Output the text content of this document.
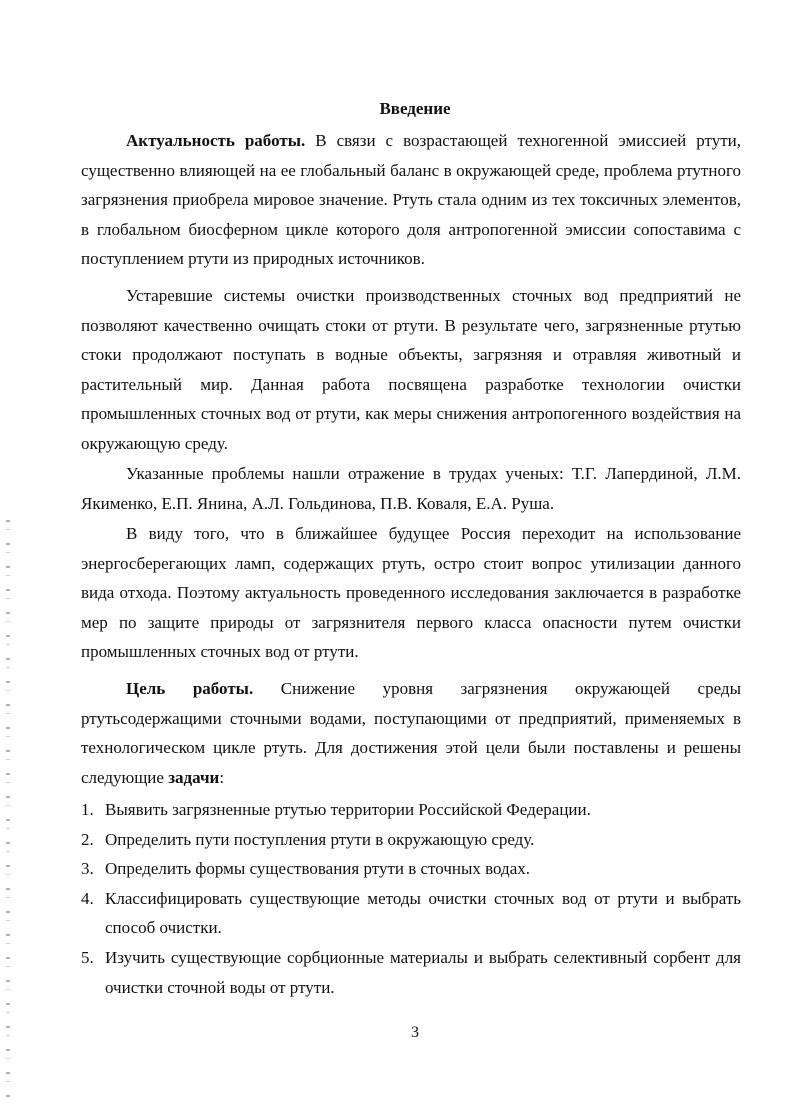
Введение

Актуальность работы. В связи с возрастающей техногенной эмиссией ртути, существенно влияющей на ее глобальный баланс в окружающей среде, проблема ртутного загрязнения приобрела мировое значение. Ртуть стала одним из тех токсичных элементов, в глобальном биосферном цикле которого доля антропогенной эмиссии сопоставима с поступлением ртути из природных источников.

Устаревшие системы очистки производственных сточных вод предприятий не позволяют качественно очищать стоки от ртути. В результате чего, загрязненные ртутью стоки продолжают поступать в водные объекты, загрязняя и отравляя животный и растительный мир. Данная работа посвящена разработке технологии очистки промышленных сточных вод от ртути, как меры снижения антропогенного воздействия на окружающую среду.

Указанные проблемы нашли отражение в трудах ученых: Т.Г. Лапердиной, Л.М. Якименко, Е.П. Янина, А.Л. Гольдинова, П.В. Коваля, Е.А. Руша.

В виду того, что в ближайшее будущее Россия переходит на использование энергосберегающих ламп, содержащих ртуть, остро стоит вопрос утилизации данного вида отхода. Поэтому актуальность проведенного исследования заключается в разработке мер по защите природы от загрязнителя первого класса опасности путем очистки промышленных сточных вод от ртути.

Цель работы. Снижение уровня загрязнения окружающей среды ртутьсодержащими сточными водами, поступающими от предприятий, применяемых в технологическом цикле ртуть. Для достижения этой цели были поставлены и решены следующие задачи:

1. Выявить загрязненные ртутью территории Российской Федерации.
2. Определить пути поступления ртути в окружающую среду.
3. Определить формы существования ртути в сточных водах.
4. Классифицировать существующие методы очистки сточных вод от ртути и выбрать способ очистки.
5. Изучить существующие сорбционные материалы и выбрать селективный сорбент для очистки сточной воды от ртути.
3
